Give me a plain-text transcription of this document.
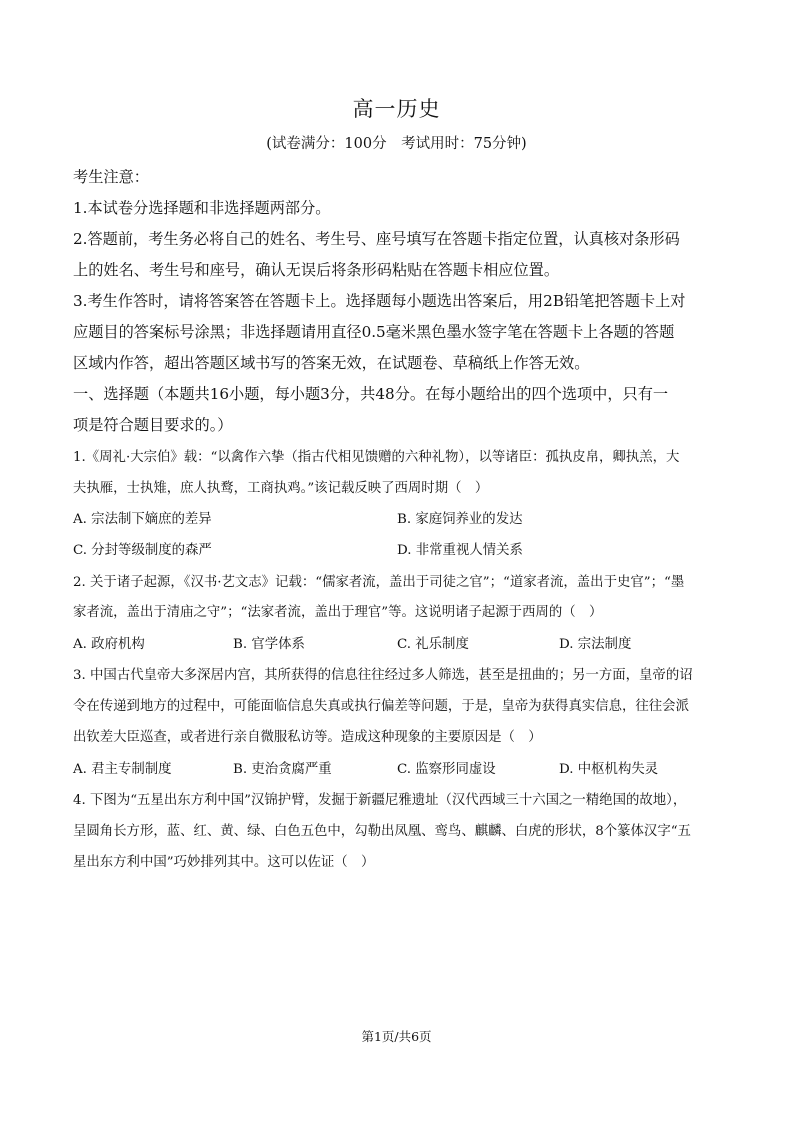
高一历史
(试卷满分：100分　考试用时：75分钟)
考生注意：
1.本试卷分选择题和非选择题两部分。
2.答题前，考生务必将自己的姓名、考生号、座号填写在答题卡指定位置，认真核对条形码
上的姓名、考生号和座号，确认无误后将条形码粘贴在答题卡相应位置。
3.考生作答时，请将答案答在答题卡上。选择题每小题选出答案后，用2B铅笔把答题卡上对
应题目的答案标号涂黑；非选择题请用直径0.5毫米黑色墨水签字笔在答题卡上各题的答题
区域内作答，超出答题区域书写的答案无效，在试题卷、草稿纸上作答无效。
一、选择题（本题共16小题，每小题3分，共48分。在每小题给出的四个选项中，只有一
项是符合题目要求的。）
1.《周礼·大宗伯》载：“以禽作六挚（指古代相见馈赠的六种礼物），以等诸臣：孤执皮帛，卿执羔，大
夫执雁，士执雉，庶人执鹜，工商执鸡。”该记载反映了西周时期（　）
A. 宗法制下嫡庶的差异	B. 家庭饲养业的发达
C. 分封等级制度的森严	D. 非常重视人情关系
2. 关于诸子起源，《汉书·艺文志》记载：“儒家者流，盖出于司徒之官”；“道家者流，盖出于史官”；“墨
家者流，盖出于清庙之守”；“法家者流，盖出于理官”等。这说明诸子起源于西周的（　）
A. 政府机构	B. 官学体系	C. 礼乐制度	D. 宗法制度
3. 中国古代皇帝大多深居内宫，其所获得的信息往往经过多人筛选，甚至是扭曲的；另一方面，皇帝的诏
令在传递到地方的过程中，可能面临信息失真或执行偏差等问题，于是，皇帝为获得真实信息，往往会派
出钦差大臣巡查，或者进行亲自微服私访等。造成这种现象的主要原因是（　）
A. 君主专制制度	B. 吏治贪腐严重	C. 监察形同虚设	D. 中枢机构失灵
4. 下图为“五星出东方利中国”汉锦护臂，发掘于新疆尼雅遗址（汉代西域三十六国之一精绝国的故地），
呈圆角长方形，蓝、红、黄、绿、白色五色中，勾勒出凤凰、鸾鸟、麒麟、白虎的形状，8个篆体汉字“五
星出东方利中国”巧妙排列其中。这可以佐证（　）
第1页/共6页
